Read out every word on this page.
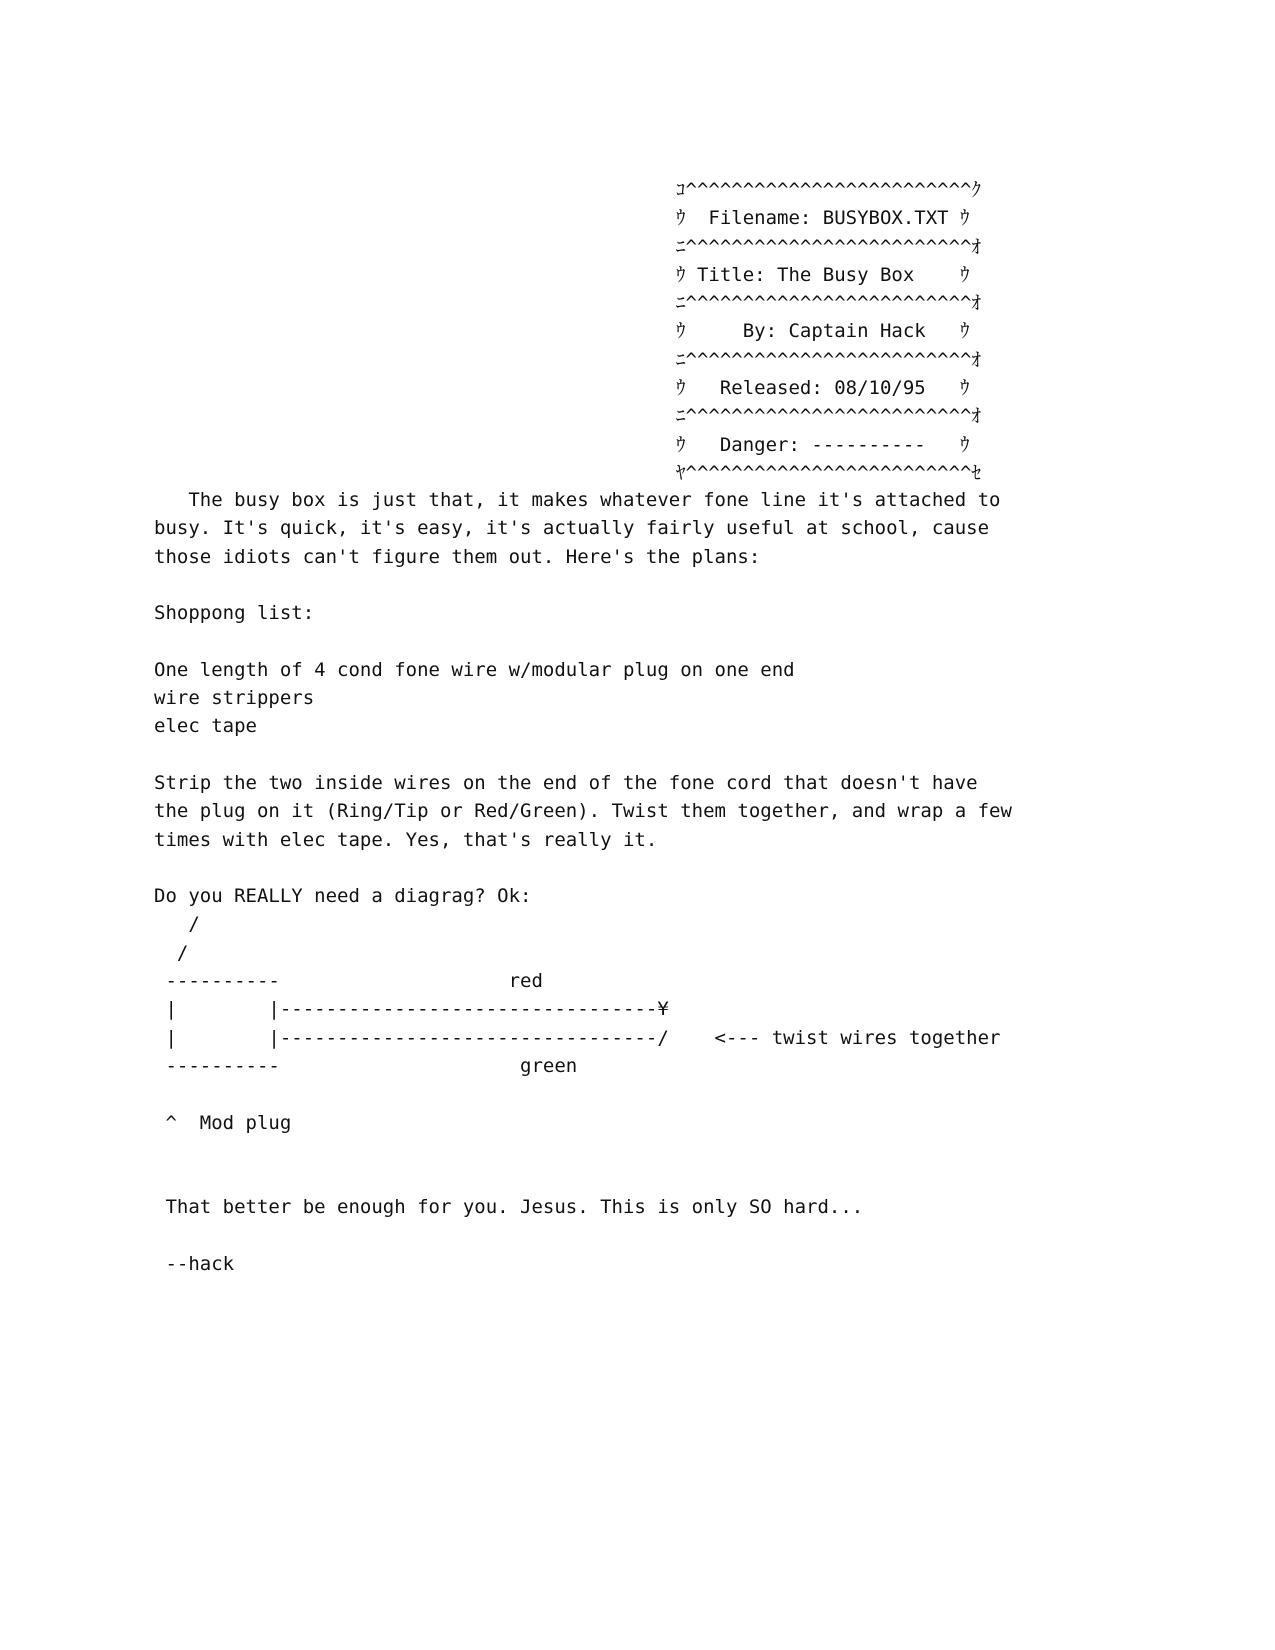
ｺ^^^^^^^^^^^^^^^^^^^^^^^^^ｸ
ｳ  Filename: BUSYBOX.TXT ｳ
ﾆ^^^^^^^^^^^^^^^^^^^^^^^^^ｵ
ｳ Title: The Busy Box    ｳ
ﾆ^^^^^^^^^^^^^^^^^^^^^^^^^ｵ
ｳ     By: Captain Hack   ｳ
ﾆ^^^^^^^^^^^^^^^^^^^^^^^^^ｵ
ｳ   Released: 08/10/95   ｳ
ﾆ^^^^^^^^^^^^^^^^^^^^^^^^^ｵ
ｳ   Danger: ----------   ｳ
ﾔ^^^^^^^^^^^^^^^^^^^^^^^^^ｾ
The busy box is just that, it makes whatever fone line it's attached to
busy. It's quick, it's easy, it's actually fairly useful at school, cause
those idiots can't figure them out. Here's the plans:

Shoppong list:

One length of 4 cond fone wire w/modular plug on one end
wire strippers
elec tape

Strip the two inside wires on the end of the fone cord that doesn't have
the plug on it (Ring/Tip or Red/Green). Twist them together, and wrap a few
times with elec tape. Yes, that's really it.

Do you REALLY need a diagrag? Ok:
/
/
----------                    red
|        |---------------------------------¥
|        |---------------------------------/    <--- twist wires together
----------                     green

^  Mod plug

That better be enough for you. Jesus. This is only SO hard...

--hack
